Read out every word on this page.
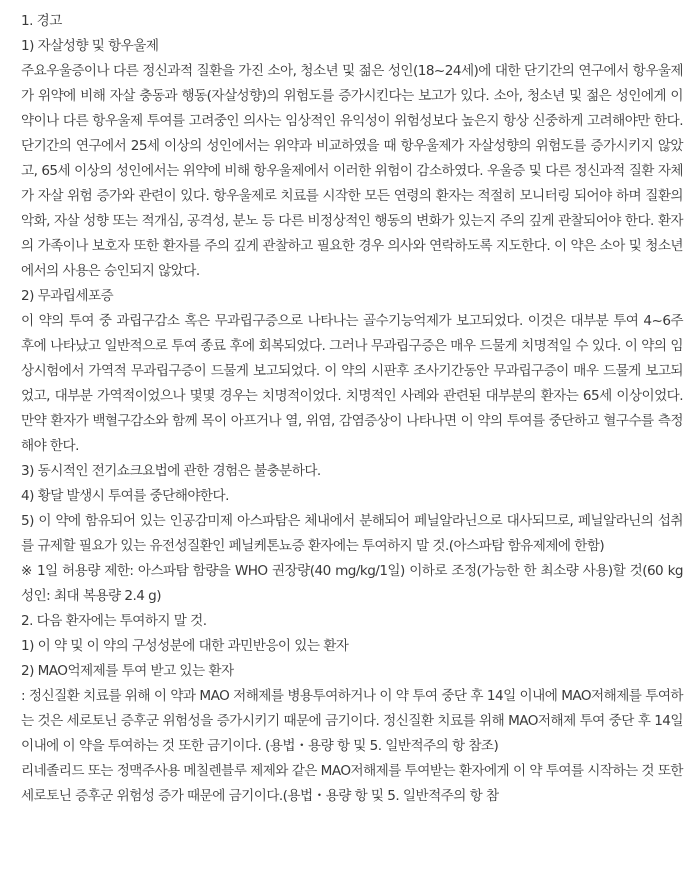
1. 경고

1) 자살성향 및 항우울제

주요우울증이나 다른 정신과적 질환을 가진 소아, 청소년 및 젊은 성인(18~24세)에 대한 단기간의 연구에서 항우울제가 위약에 비해 자살 충동과 행동(자살성향)의 위험도를 증가시킨다는 보고가 있다. 소아, 청소년 및 젊은 성인에게 이 약이나 다른 항우울제 투여를 고려중인 의사는 임상적인 유익성이 위험성보다 높은지 항상 신중하게 고려해야만 한다. 단기간의 연구에서 25세 이상의 성인에서는 위약과 비교하였을 때 항우울제가 자살성향의 위험도를 증가시키지 않았고, 65세 이상의 성인에서는 위약에 비해 항우울제에서 이러한 위험이 감소하였다. 우울증 및 다른 정신과적 질환 자체가 자살 위험 증가와 관련이 있다. 항우울제로 치료를 시작한 모든 연령의 환자는 적절히 모니터링 되어야 하며 질환의 악화, 자살 성향 또는 적개심, 공격성, 분노 등 다른 비정상적인 행동의 변화가 있는지 주의 깊게 관찰되어야 한다. 환자의 가족이나 보호자 또한 환자를 주의 깊게 관찰하고 필요한 경우 의사와 연락하도록 지도한다. 이 약은 소아 및 청소년에서의 사용은 승인되지 않았다.

2) 무과립세포증

이 약의 투여 중 과립구감소 혹은 무과립구증으로 나타나는 골수기능억제가 보고되었다. 이것은 대부분 투여 4~6주 후에 나타났고 일반적으로 투여 종료 후에 회복되었다. 그러나 무과립구증은 매우 드물게 치명적일 수 있다. 이 약의 임상시험에서 가역적 무과립구증이 드물게 보고되었다. 이 약의 시판후 조사기간동안 무과립구증이 매우 드물게 보고되었고, 대부분 가역적이었으나 몇몇 경우는 치명적이었다. 치명적인 사례와 관련된 대부분의 환자는 65세 이상이었다. 만약 환자가 백혈구감소와 함께 목이 아프거나 열, 위염, 감염증상이 나타나면 이 약의 투여를 중단하고 혈구수를 측정해야 한다.

3) 동시적인 전기쇼크요법에 관한 경험은 불충분하다.

4) 황달 발생시 투여를 중단해야한다.

5) 이 약에 함유되어 있는 인공감미제 아스파탐은 체내에서 분해되어 페닐알라닌으로 대사되므로, 페닐알라닌의 섭취를 규제할 필요가 있는 유전성질환인 페닐케톤뇨증 환자에는 투여하지 말 것.(아스파탐 함유제제에 한함)

※ 1일 허용량 제한: 아스파탐 함량을 WHO 권장량(40 mg/kg/1일) 이하로 조정(가능한 한 최소량 사용)할 것(60 kg 성인: 최대 복용량 2.4 g)

2. 다음 환자에는 투여하지 말 것.

1) 이 약 및 이 약의 구성성분에 대한 과민반응이 있는 환자

2) MAO억제제를 투여 받고 있는 환자

: 정신질환 치료를 위해 이 약과 MAO 저해제를 병용투여하거나 이 약 투여 중단 후 14일 이내에 MAO저해제를 투여하는 것은 세로토닌 증후군 위험성을 증가시키기 때문에 금기이다. 정신질환 치료를 위해 MAO저해제 투여 중단 후 14일 이내에 이 약을 투여하는 것 또한 금기이다. (용법・용량 항 및 5. 일반적주의 항 참조)

리네졸리드 또는 정맥주사용 메칠렌블루 제제와 같은 MAO저해제를 투여받는 환자에게 이 약 투여를 시작하는 것 또한 세로토닌 증후군 위험성 증가 때문에 금기이다.(용법・용량 항 및 5. 일반적주의 항 참
